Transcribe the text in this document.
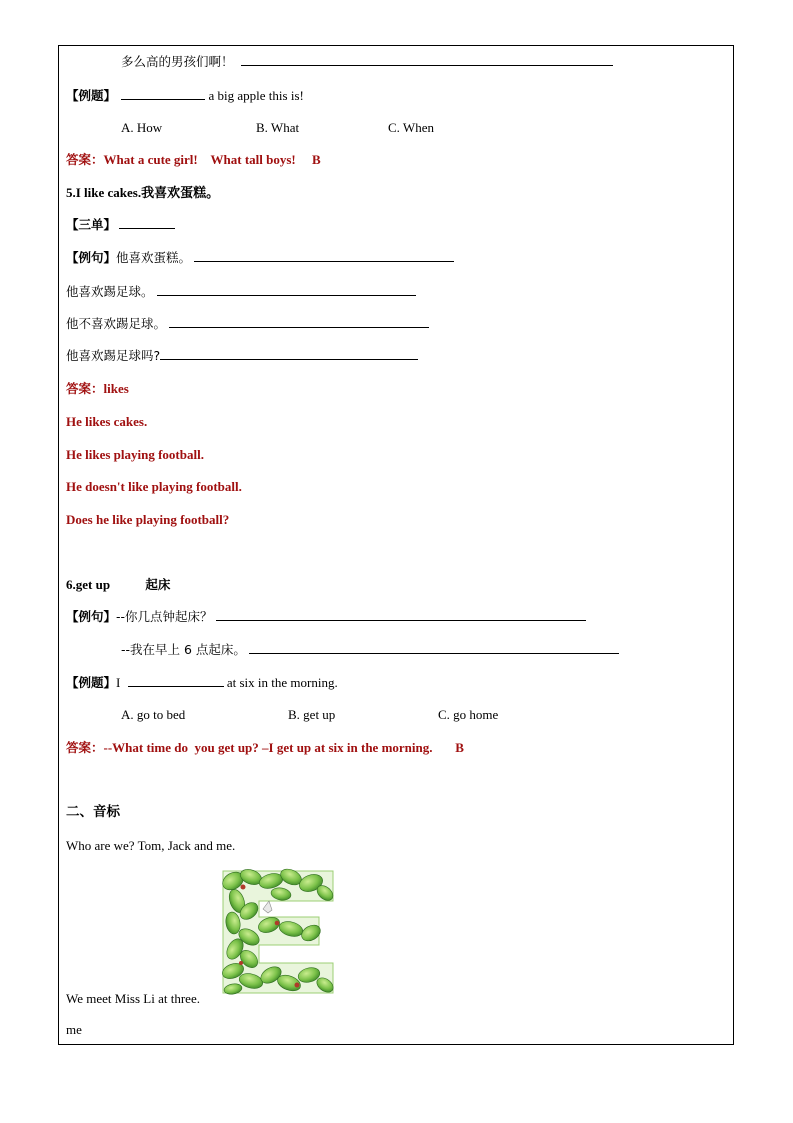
多么高的男孩们啊！
【例题】	a big apple this is!
A. How	B. What	C. When
答案：What a cute girl!    What tall boys!     B
5.I like cakes.我喜欢蛋糕。
【三单】
【例句】他喜欢蛋糕。
他喜欢踢足球。
他不喜欢踢足球。
他喜欢踢足球吗?
答案：likes
He likes cakes.
He likes playing football.
He doesn't like playing football.
Does he like playing football?
6.get up	起床
【例句】--你几点钟起床？
--我在早上 6 点起床。
【例题】I	at six in the morning.
A. go to bed	B. get up	C. go home
答案：--What time do  you get up? –I get up at six in the morning.       B
二、音标
Who are we? Tom, Jack and me.
We meet Miss Li at three.
me
